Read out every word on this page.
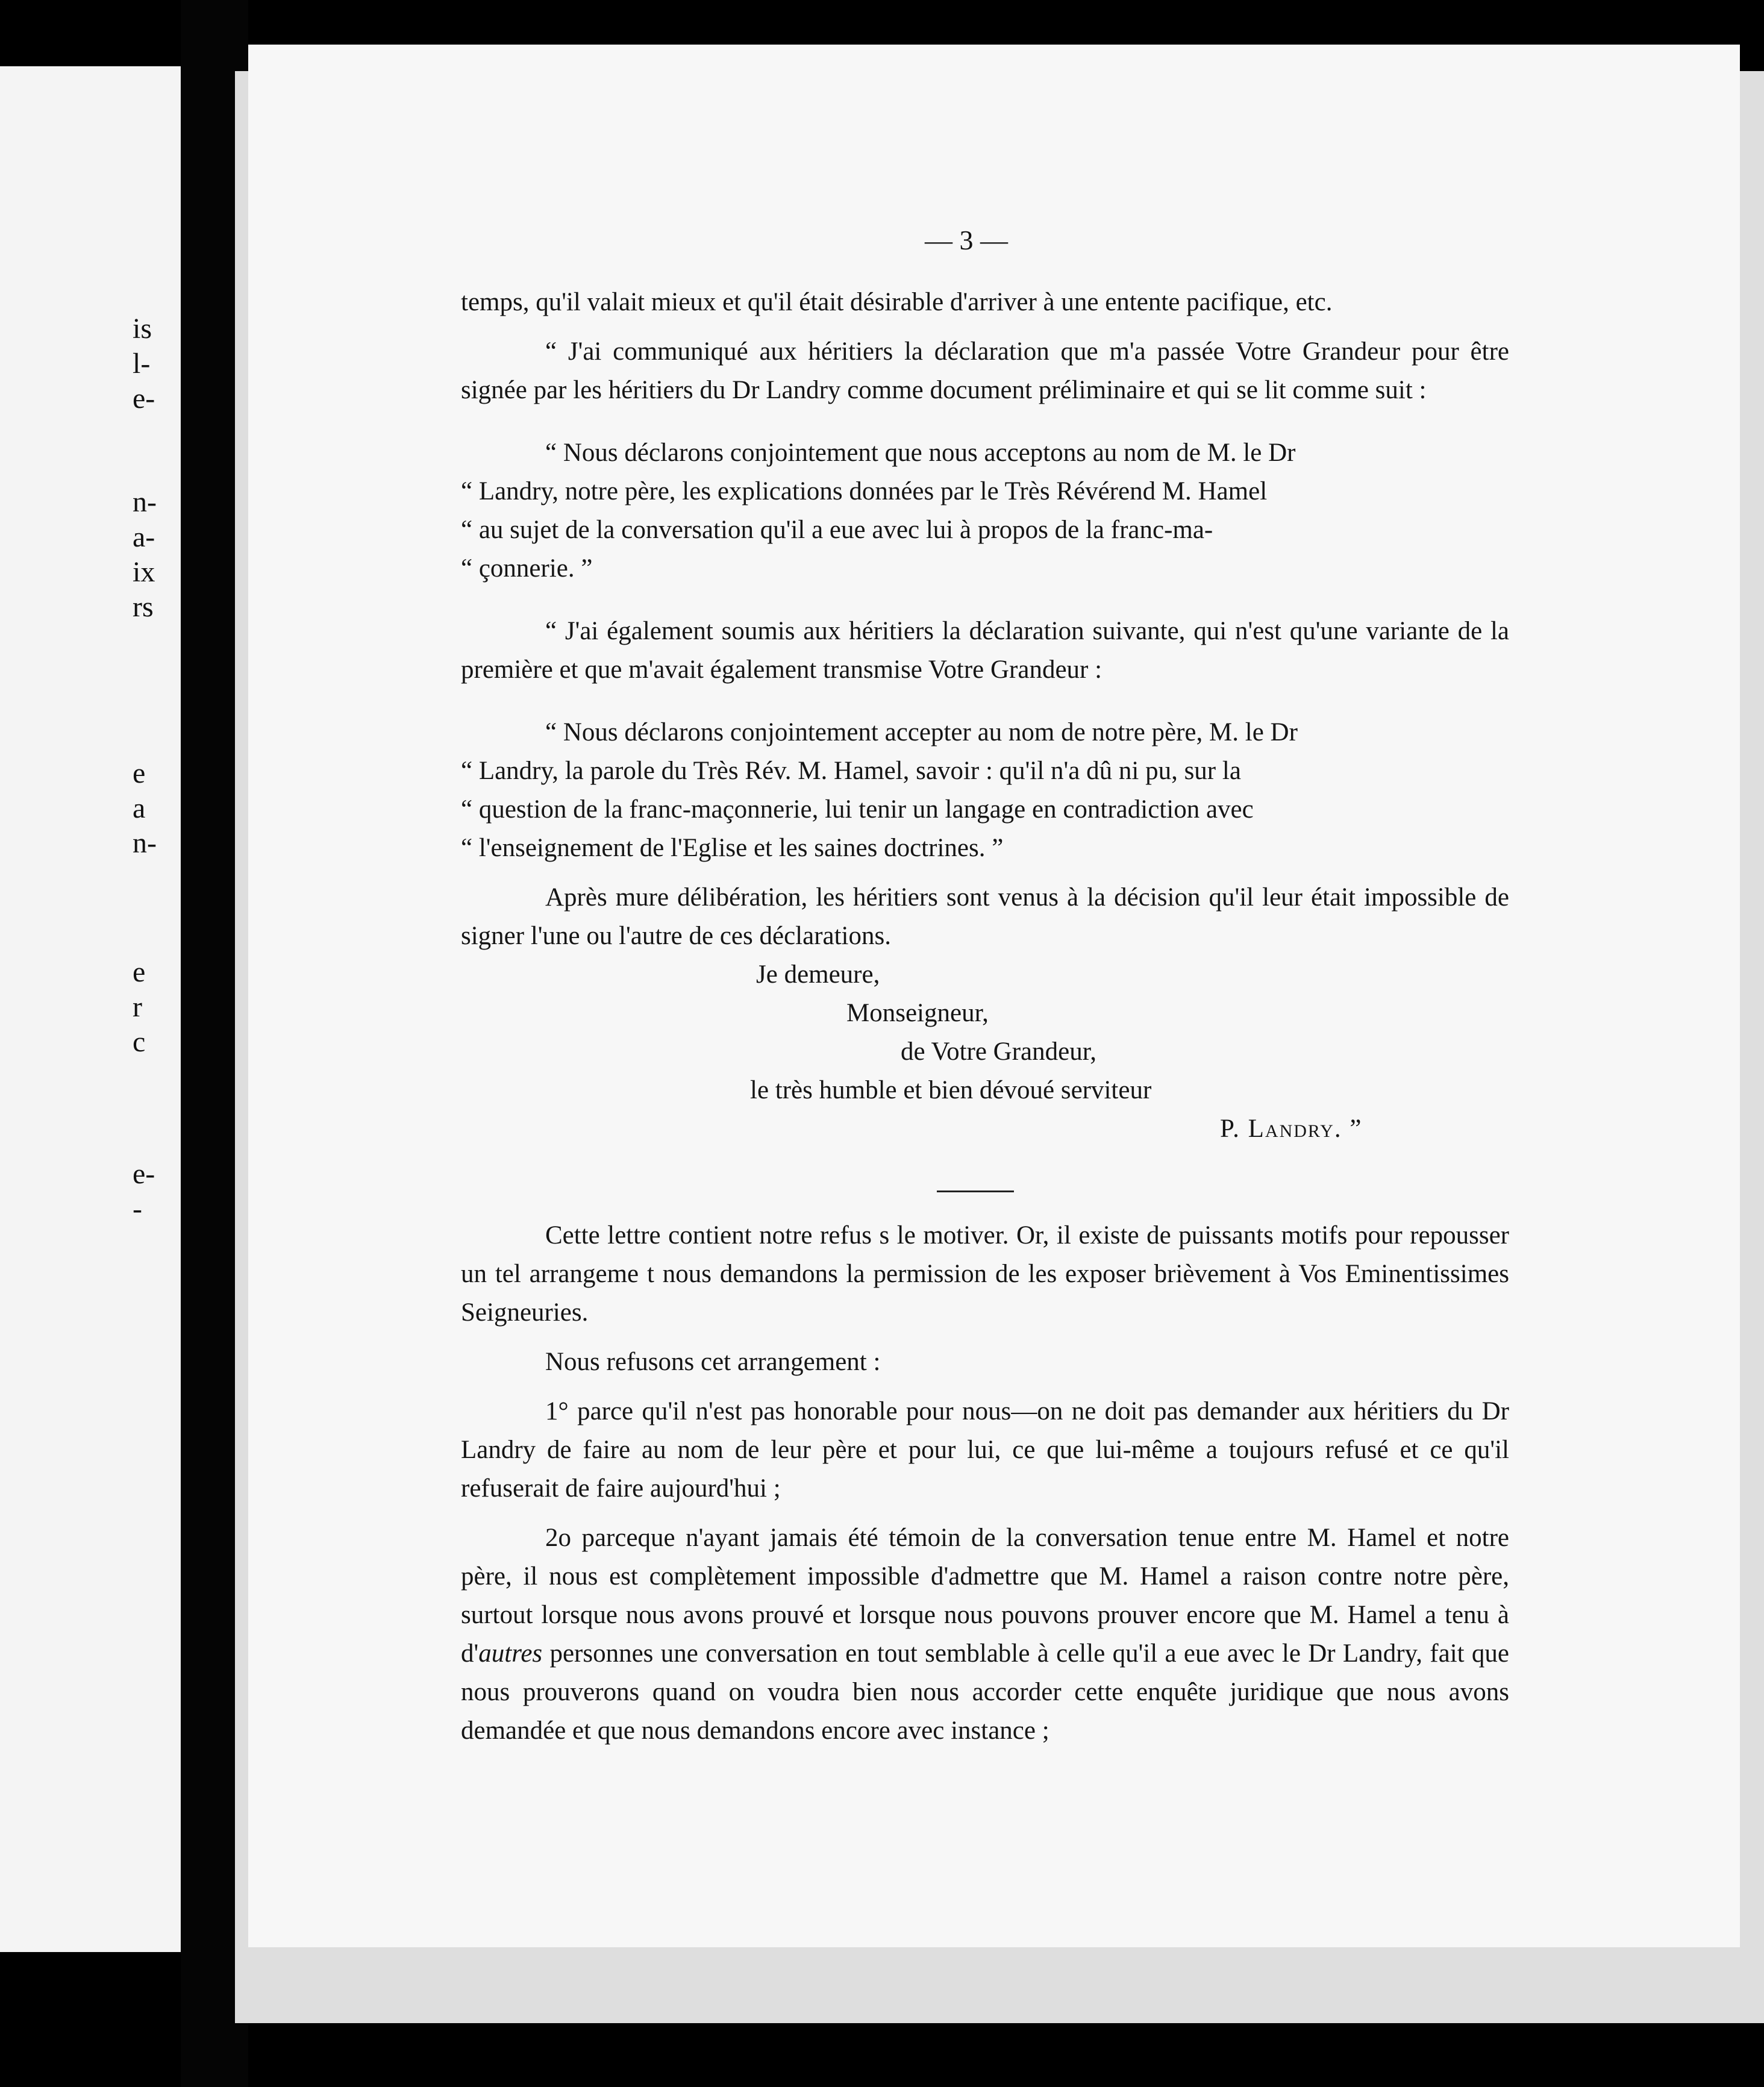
is
l-
e-
n-
a-
ix
rs
e
a
n-
e
r
c
e-
-
— 3 —

temps, qu'il valait mieux et qu'il était désirable d'arriver à une entente pacifique, etc.

“ J'ai communiqué aux héritiers la déclaration que m'a passée Votre Grandeur pour être signée par les héritiers du Dr Landry comme document préliminaire et qui se lit comme suit :

“ Nous déclarons conjointement que nous acceptons au nom de M. le Dr
“ Landry, notre père, les explications données par le Très Révérend M. Hamel
“ au sujet de la conversation qu'il a eue avec lui à propos de la franc-ma-
“ çonnerie. ”

“ J'ai également soumis aux héritiers la déclaration suivante, qui n'est qu'une variante de la première et que m'avait également transmise Votre Grandeur :

“ Nous déclarons conjointement accepter au nom de notre père, M. le Dr
“ Landry, la parole du Très Rév. M. Hamel, savoir : qu'il n'a dû ni pu, sur la
“ question de la franc-maçonnerie, lui tenir un langage en contradiction avec
“ l'enseignement de l'Eglise et les saines doctrines. ”

Après mure délibération, les héritiers sont venus à la décision qu'il leur était impossible de signer l'une ou l'autre de ces déclarations.

Je demeure,
Monseigneur,
de Votre Grandeur,
le très humble et bien dévoué serviteur
P. Landry. ”

Cette lettre contient notre refus s le motiver. Or, il existe de puissants motifs pour repousser un tel arrangeme t nous demandons la permission de les exposer brièvement à Vos Eminentissimes Seigneuries.

Nous refusons cet arrangement :

1° parce qu'il n'est pas honorable pour nous—on ne doit pas demander aux héritiers du Dr Landry de faire au nom de leur père et pour lui, ce que lui-même a toujours refusé et ce qu'il refuserait de faire aujourd'hui ;

2o parceque n'ayant jamais été témoin de la conversation tenue entre M. Hamel et notre père, il nous est complètement impossible d'admettre que M. Hamel a raison contre notre père, surtout lorsque nous avons prouvé et lorsque nous pouvons prouver encore que M. Hamel a tenu à d'autres personnes une conversation en tout semblable à celle qu'il a eue avec le Dr Landry, fait que nous prouverons quand on voudra bien nous accorder cette enquête juridique que nous avons demandée et que nous demandons encore avec instance ;
